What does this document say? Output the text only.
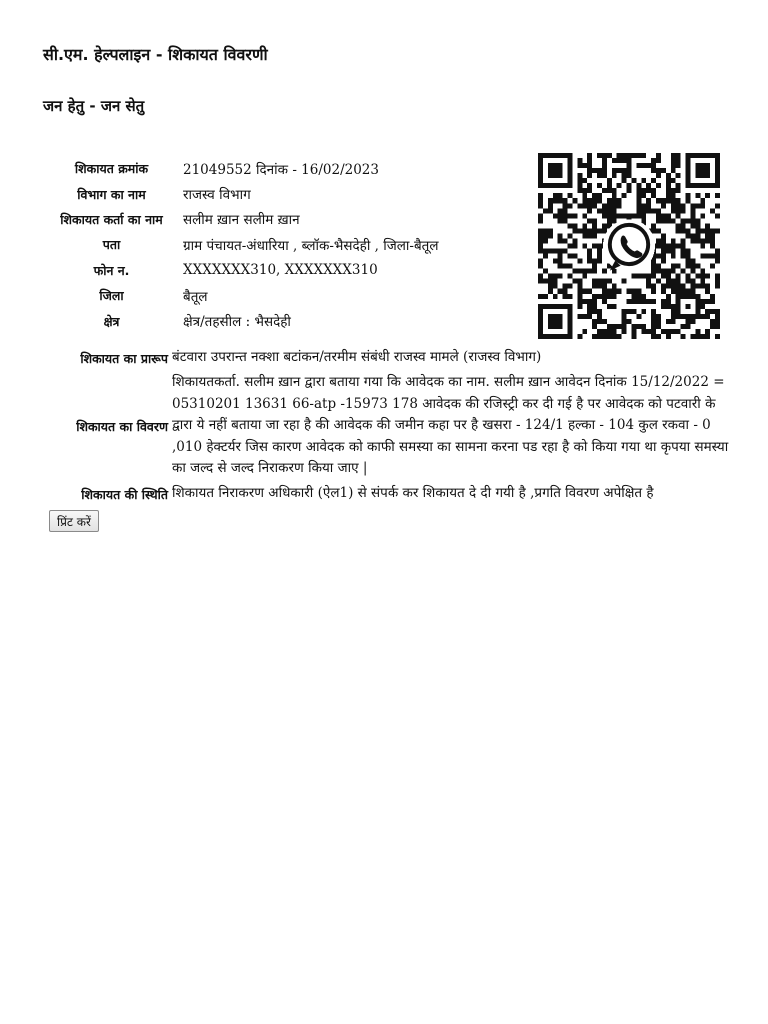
सी.एम. हेल्पलाइन - शिकायत विवरणी
जन हेतु - जन सेतु
शिकायत क्रमांक	21049552 दिनांक - 16/02/2023
विभाग का नाम	राजस्व विभाग
शिकायत कर्ता का नाम	सलीम ख़ान सलीम ख़ान
पता	ग्राम पंचायत-अंधारिया , ब्लॉक-भैसदेही , जिला-बैतूल
फोन न.	XXXXXXX310, XXXXXXX310
जिला	बैतूल
क्षेत्र	क्षेत्र/तहसील : भैसदेही
शिकायत का प्रारूप	बंटवारा उपरान्त नक्शा बटांकन/तरमीम संबंधी राजस्व मामले (राजस्व विभाग)
शिकायत का विवरण	शिकायतकर्ता. सलीम ख़ान द्वारा बताया गया कि आवेदक का नाम. सलीम ख़ान आवेदन दिनांक 15/12/2022 = 05310201 13631 66-atp -15973 178 आवेदक की रजिस्ट्री कर दी गई है पर आवेदक को पटवारी के द्वारा ये नहीं बताया जा रहा है की आवेदक की जमीन कहा पर है खसरा - 124/1 हल्का - 104 कुल रकवा - 0 ,010 हेक्टर्यर जिस कारण आवेदक को काफी समस्या का सामना करना पड रहा है को किया गया था कृपया समस्या का जल्द से जल्द निराकरण किया जाए |
शिकायत की स्थिति	शिकायत निराकरण अधिकारी (ऐल1) से संपर्क कर शिकायत दे दी गयी है ,प्रगति विवरण अपेक्षित है
प्रिंट करें
